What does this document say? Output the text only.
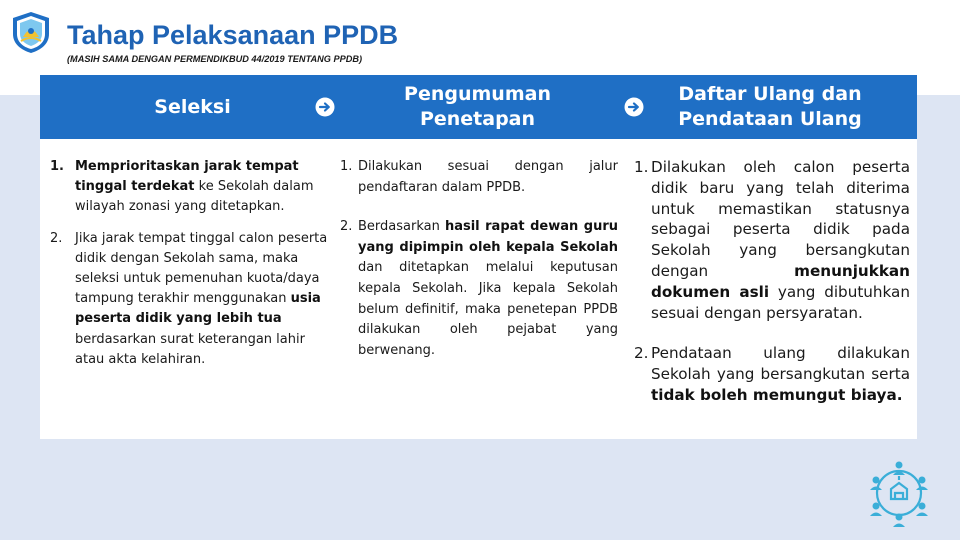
Tahap Pelaksanaan PPDB
(MASIH SAMA DENGAN PERMENDIKBUD 44/2019 TENTANG PPDB)
Seleksi
Pengumuman
Penetapan
Daftar Ulang dan
Pendataan Ulang
1. Memprioritaskan jarak tempat tinggal terdekat ke Sekolah dalam wilayah zonasi yang ditetapkan.
2. Jika jarak tempat tinggal calon peserta didik dengan Sekolah sama, maka seleksi untuk pemenuhan kuota/daya tampung terakhir menggunakan usia peserta didik yang lebih tua berdasarkan surat keterangan lahir atau akta kelahiran.
1. Dilakukan sesuai dengan jalur pendaftaran dalam PPDB.
2. Berdasarkan hasil rapat dewan guru yang dipimpin oleh kepala Sekolah dan ditetapkan melalui keputusan kepala Sekolah. Jika kepala Sekolah belum definitif, maka penetepan PPDB dilakukan oleh pejabat yang berwenang.
1. Dilakukan oleh calon peserta didik baru yang telah diterima untuk memastikan statusnya sebagai peserta didik pada Sekolah yang bersangkutan dengan menunjukkan dokumen asli yang dibutuhkan sesuai dengan persyaratan.
2. Pendataan ulang dilakukan Sekolah yang bersangkutan serta tidak boleh memungut biaya.
